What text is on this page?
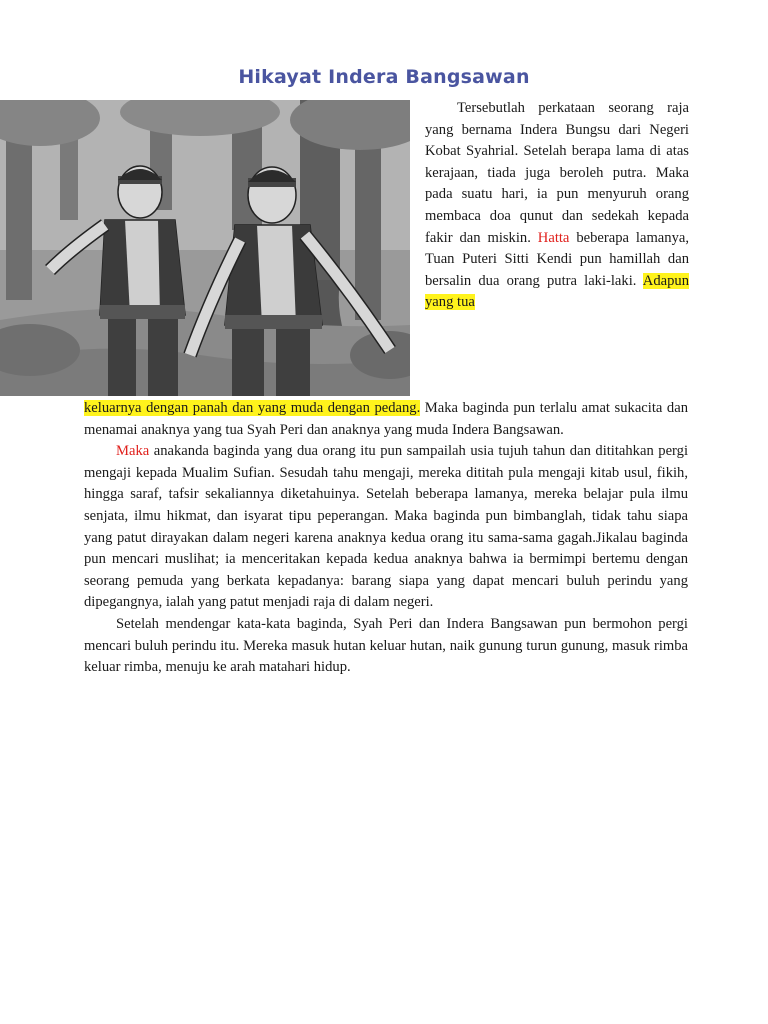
Hikayat Indera Bangsawan

Tersebutlah perkataan seorang raja yang bernama Indera Bungsu dari Negeri Kobat Syahrial. Setelah berapa lama di atas kerajaan, tiada juga beroleh putra. Maka pada suatu hari, ia pun menyuruh orang membaca doa qunut dan sedekah kepada fakir dan miskin. Hatta beberapa lamanya, Tuan Puteri Sitti Kendi pun hamillah dan bersalin dua orang putra laki-laki. Adapun yang tua

keluarnya dengan panah dan yang muda dengan pedang. Maka baginda pun terlalu amat sukacita dan menamai anaknya yang tua Syah Peri dan anaknya yang muda Indera Bangsawan.

Maka anakanda baginda yang dua orang itu pun sampailah usia tujuh tahun dan dititahkan pergi mengaji kepada Mualim Sufian. Sesudah tahu mengaji, mereka dititah pula mengaji kitab usul, fikih, hingga saraf, tafsir sekaliannya diketahuinya. Setelah beberapa lamanya, mereka belajar pula ilmu senjata, ilmu hikmat, dan isyarat tipu peperangan. Maka baginda pun bimbanglah, tidak tahu siapa yang patut dirayakan dalam negeri karena anaknya kedua orang itu sama-sama gagah.Jikalau baginda pun mencari muslihat; ia menceritakan kepada kedua anaknya bahwa ia bermimpi bertemu dengan seorang pemuda yang berkata kepadanya: barang siapa yang dapat mencari buluh perindu yang dipegangnya, ialah yang patut menjadi raja di dalam negeri.

Setelah mendengar kata-kata baginda, Syah Peri dan Indera Bangsawan pun bermohon pergi mencari buluh perindu itu. Mereka masuk hutan keluar hutan, naik gunung turun gunung, masuk rimba keluar rimba, menuju ke arah matahari hidup.
